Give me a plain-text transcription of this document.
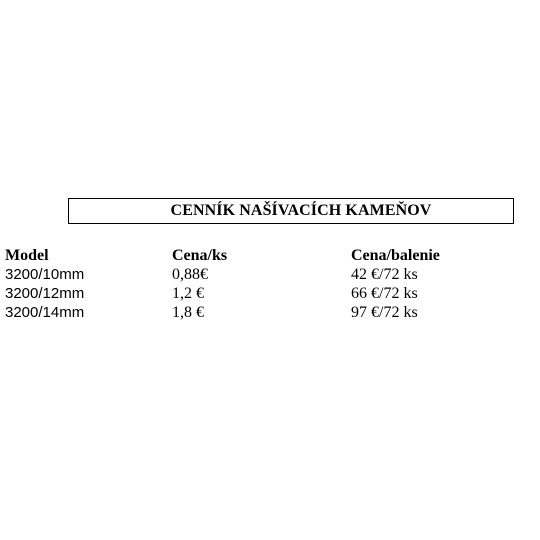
CENNÍK NAŠÍVACÍCH KAMEŇOV
Model	Cena/ks	Cena/balenie
3200/10mm	0,88€	42 €/72 ks
3200/12mm	1,2 €	66 €/72 ks
3200/14mm	1,8 €	97 €/72 ks
